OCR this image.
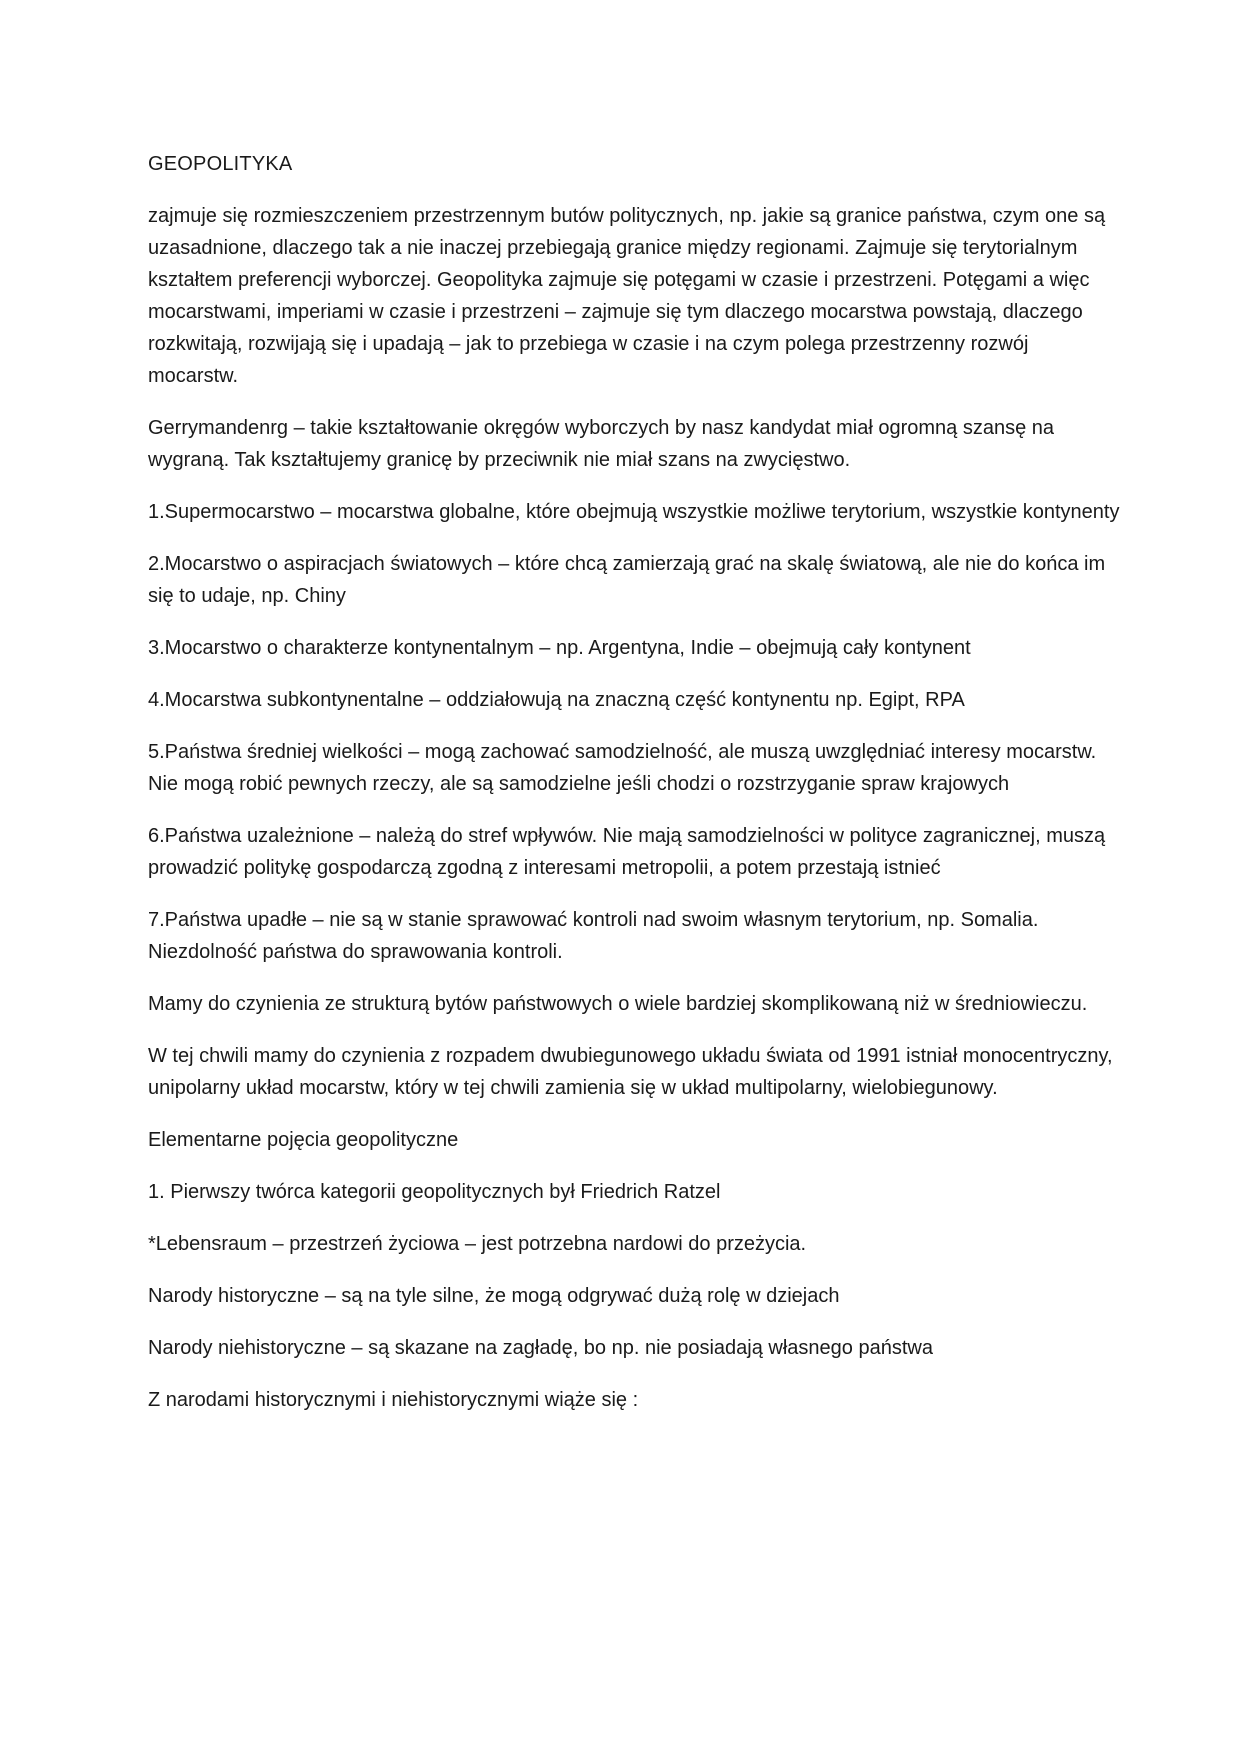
GEOPOLITYKA

zajmuje się rozmieszczeniem przestrzennym butów politycznych, np. jakie są granice państwa, czym one są uzasadnione, dlaczego tak a nie inaczej przebiegają granice między regionami. Zajmuje się terytorialnym kształtem preferencji wyborczej. Geopolityka zajmuje się potęgami w czasie i przestrzeni. Potęgami a więc mocarstwami, imperiami w czasie i przestrzeni – zajmuje się tym dlaczego mocarstwa powstają, dlaczego rozkwitają, rozwijają się i upadają – jak to przebiega w czasie i na czym polega przestrzenny rozwój mocarstw.

Gerrymandenrg – takie kształtowanie okręgów wyborczych by nasz kandydat miał ogromną szansę na wygraną. Tak kształtujemy granicę by przeciwnik nie miał szans na zwycięstwo.

1.Supermocarstwo – mocarstwa globalne, które obejmują wszystkie możliwe terytorium, wszystkie kontynenty

2.Mocarstwo o aspiracjach światowych – które chcą zamierzają grać na skalę światową, ale nie do końca im się to udaje, np. Chiny

3.Mocarstwo o charakterze kontynentalnym – np. Argentyna, Indie – obejmują cały kontynent

4.Mocarstwa subkontynentalne – oddziałowują na znaczną część kontynentu np. Egipt, RPA

5.Państwa średniej wielkości – mogą zachować samodzielność, ale muszą uwzględniać interesy mocarstw. Nie mogą robić pewnych rzeczy, ale są samodzielne jeśli chodzi o rozstrzyganie spraw krajowych

6.Państwa uzależnione – należą do stref wpływów. Nie mają samodzielności w polityce zagranicznej, muszą prowadzić politykę gospodarczą zgodną z interesami metropolii, a potem przestają istnieć

7.Państwa upadłe – nie są w stanie sprawować kontroli nad swoim własnym terytorium, np. Somalia. Niezdolność państwa do sprawowania kontroli.

Mamy do czynienia ze strukturą bytów państwowych o wiele bardziej skomplikowaną niż w średniowieczu.

W tej chwili mamy do czynienia z rozpadem dwubiegunowego układu świata od 1991 istniał monocentryczny, unipolarny układ mocarstw, który w tej chwili zamienia się w układ multipolarny, wielobiegunowy.

Elementarne pojęcia geopolityczne

1. Pierwszy twórca kategorii geopolitycznych był Friedrich Ratzel

*Lebensraum – przestrzeń życiowa – jest potrzebna nardowi do przeżycia.

Narody historyczne – są na tyle silne, że mogą odgrywać dużą rolę w dziejach

Narody niehistoryczne – są skazane na zagładę, bo np. nie posiadają własnego państwa

Z narodami historycznymi i niehistorycznymi wiąże się :
